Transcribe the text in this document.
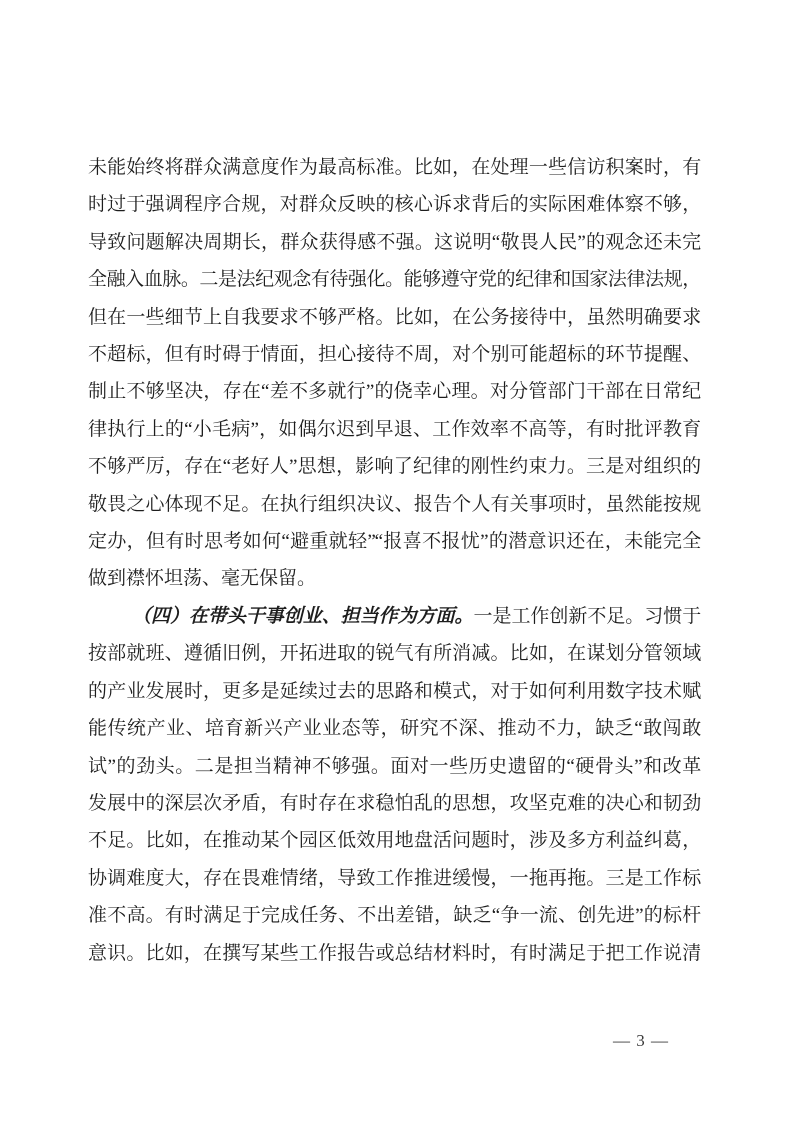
未能始终将群众满意度作为最高标准。比如，在处理一些信访积案时，有
时过于强调程序合规，对群众反映的核心诉求背后的实际困难体察不够，
导致问题解决周期长，群众获得感不强。这说明“敬畏人民”的观念还未完
全融入血脉。二是法纪观念有待强化。能够遵守党的纪律和国家法律法规，
但在一些细节上自我要求不够严格。比如，在公务接待中，虽然明确要求
不超标，但有时碍于情面，担心接待不周，对个别可能超标的环节提醒、
制止不够坚决，存在“差不多就行”的侥幸心理。对分管部门干部在日常纪
律执行上的“小毛病”，如偶尔迟到早退、工作效率不高等，有时批评教育
不够严厉，存在“老好人”思想，影响了纪律的刚性约束力。三是对组织的
敬畏之心体现不足。在执行组织决议、报告个人有关事项时，虽然能按规
定办，但有时思考如何“避重就轻”“报喜不报忧”的潜意识还在，未能完全
做到襟怀坦荡、毫无保留。
（四）在带头干事创业、担当作为方面。一是工作创新不足。习惯于
按部就班、遵循旧例，开拓进取的锐气有所消减。比如，在谋划分管领域
的产业发展时，更多是延续过去的思路和模式，对于如何利用数字技术赋
能传统产业、培育新兴产业业态等，研究不深、推动不力，缺乏“敢闯敢
试”的劲头。二是担当精神不够强。面对一些历史遗留的“硬骨头”和改革
发展中的深层次矛盾，有时存在求稳怕乱的思想，攻坚克难的决心和韧劲
不足。比如，在推动某个园区低效用地盘活问题时，涉及多方利益纠葛，
协调难度大，存在畏难情绪，导致工作推进缓慢，一拖再拖。三是工作标
准不高。有时满足于完成任务、不出差错，缺乏“争一流、创先进”的标杆
意识。比如，在撰写某些工作报告或总结材料时，有时满足于把工作说清
— 3 —
